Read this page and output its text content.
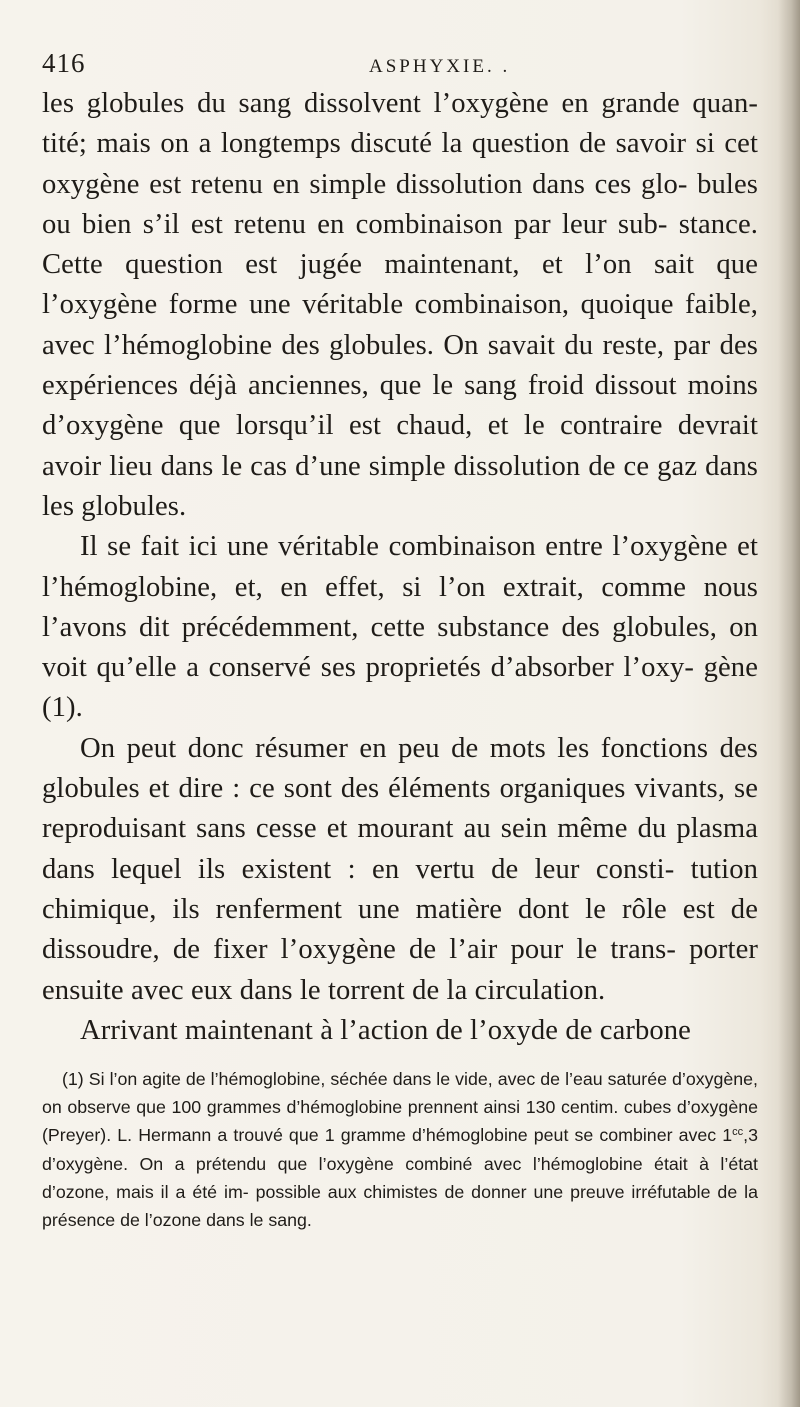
416	ASPHYXIE. .

les globules du sang dissolvent l’oxygène en grande quan- tité; mais on a longtemps discuté la question de savoir si cet oxygène est retenu en simple dissolution dans ces glo- bules ou bien s’il est retenu en combinaison par leur sub- stance. Cette question est jugée maintenant, et l’on sait que l’oxygène forme une véritable combinaison, quoique faible, avec l’hémoglobine des globules. On savait du reste, par des expériences déjà anciennes, que le sang froid dissout moins d’oxygène que lorsqu’il est chaud, et le contraire devrait avoir lieu dans le cas d’une simple dissolution de ce gaz dans les globules.

Il se fait ici une véritable combinaison entre l’oxygène et l’hémoglobine, et, en effet, si l’on extrait, comme nous l’avons dit précédemment, cette substance des globules, on voit qu’elle a conservé ses proprietés d’absorber l’oxy- gène (1).

On peut donc résumer en peu de mots les fonctions des globules et dire : ce sont des éléments organiques vivants, se reproduisant sans cesse et mourant au sein même du plasma dans lequel ils existent : en vertu de leur consti- tution chimique, ils renferment une matière dont le rôle est de dissoudre, de fixer l’oxygène de l’air pour le trans- porter ensuite avec eux dans le torrent de la circulation.

Arrivant maintenant à l’action de l’oxyde de carbone

(1) Si l’on agite de l’hémoglobine, séchée dans le vide, avec de l’eau saturée d’oxygène, on observe que 100 grammes d’hémoglobine prennent ainsi 130 centim. cubes d’oxygène (Preyer). L. Hermann a trouvé que 1 gramme d’hémoglobine peut se combiner avec $1^{cc},3$ d’oxygène. On a prétendu que l’oxygène combiné avec l’hémoglobine était à l’état d’ozone, mais il a été im- possible aux chimistes de donner une preuve irréfutable de la présence de l’ozone dans le sang.
